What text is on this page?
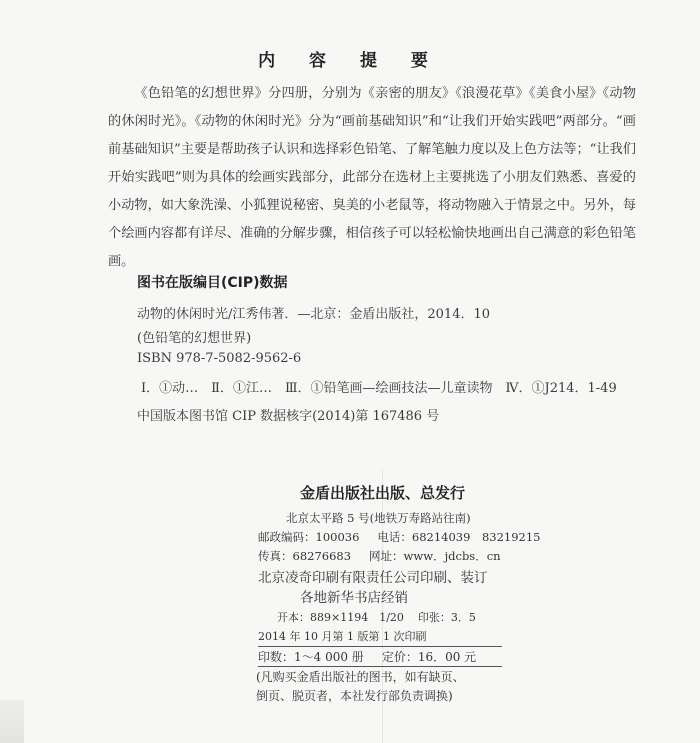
内 容 提 要

《色铅笔的幻想世界》分四册，分别为《亲密的朋友》《浪漫花草》《美食小屋》《动物的休闲时光》。《动物的休闲时光》分为“画前基础知识”和“让我们开始实践吧”两部分。“画前基础知识”主要是帮助孩子认识和选择彩色铅笔、了解笔触力度以及上色方法等；“让我们开始实践吧”则为具体的绘画实践部分，此部分在选材上主要挑选了小朋友们熟悉、喜爱的小动物，如大象洗澡、小狐狸说秘密、臭美的小老鼠等，将动物融入于情景之中。另外，每个绘画内容都有详尽、准确的分解步骤，相信孩子可以轻松愉快地画出自己满意的彩色铅笔画。

图书在版编目(CIP)数据
动物的休闲时光/江秀伟著．—北京：金盾出版社，2014．10
(色铅笔的幻想世界)
ISBN 978-7-5082-9562-6
Ⅰ．①动…　Ⅱ．①江…　Ⅲ．①铅笔画—绘画技法—儿童读物　Ⅳ．①J214．1-49
中国版本图书馆 CIP 数据核字(2014)第 167486 号
金盾出版社出版、总发行
北京太平路 5 号(地铁万寿路站往南)
邮政编码：100036 电话：68214039　83219215
传真：68276683 网址：www．jdcbs．cn
北京凌奇印刷有限责任公司印刷、装订
各地新华书店经销
开本：889×1194　1/20 印张：3．5
2014 年 10 月第 1 版第 1 次印刷
印数：1～4 000 册 定价：16．00 元
(凡购买金盾出版社的图书，如有缺页、
倒页、脱页者，本社发行部负责调换)
